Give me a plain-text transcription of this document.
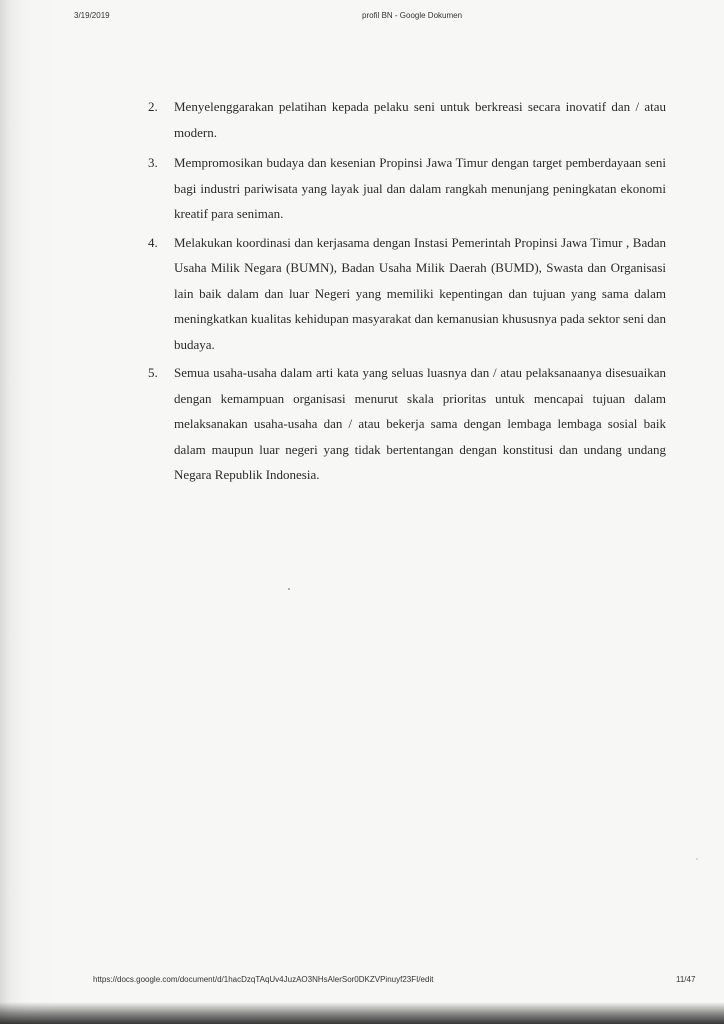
3/19/2019	profil BN - Google Dokumen
2.	Menyelenggarakan pelatihan kepada pelaku seni untuk berkreasi secara inovatif dan / atau modern.
3.	Mempromosikan budaya dan kesenian Propinsi Jawa Timur dengan target pemberdayaan seni bagi industri pariwisata yang layak jual dan dalam rangkah menunjang peningkatan ekonomi kreatif para seniman.
4.	Melakukan koordinasi dan kerjasama dengan Instasi Pemerintah Propinsi Jawa Timur , Badan Usaha Milik Negara (BUMN), Badan Usaha Milik Daerah (BUMD), Swasta dan Organisasi lain baik dalam dan luar Negeri yang memiliki kepentingan dan tujuan yang sama dalam meningkatkan kualitas kehidupan masyarakat dan kemanusian khususnya pada sektor seni dan budaya.
5.	Semua usaha-usaha dalam arti kata yang seluas luasnya dan / atau pelaksanaanya disesuaikan dengan kemampuan organisasi menurut skala prioritas untuk mencapai tujuan dalam melaksanakan usaha-usaha dan / atau bekerja sama dengan lembaga lembaga sosial baik dalam maupun luar negeri yang tidak bertentangan dengan konstitusi dan undang undang Negara Republik Indonesia.
https://docs.google.com/document/d/1hacDzqTAqUv4JuzAO3NHsAlerSor0DKZVPinuyf23FI/edit	11/47
